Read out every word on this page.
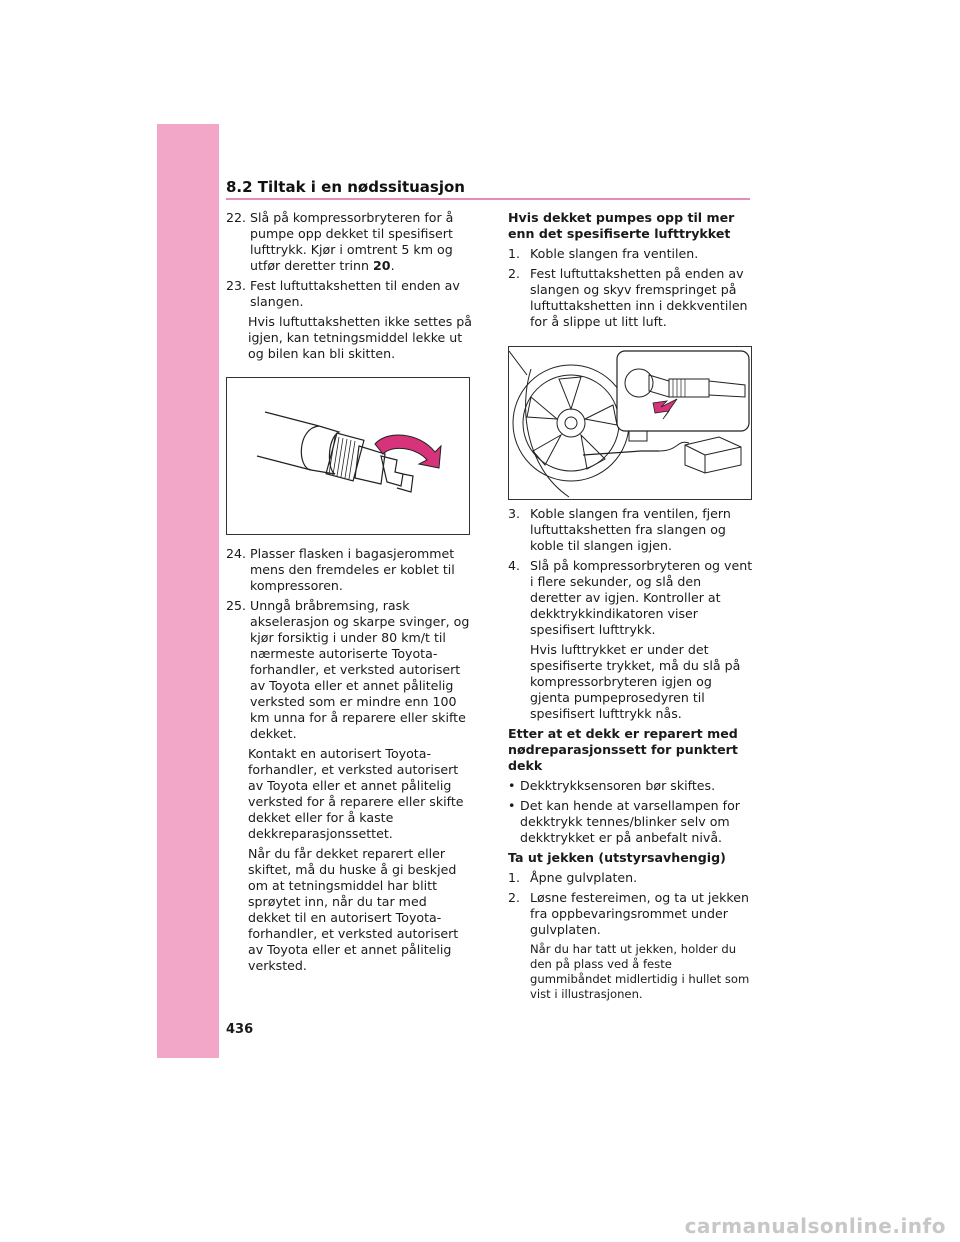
8.2 Tiltak i en nødssituasjon
22. Slå på kompressorbryteren for å pumpe opp dekket til spesifisert lufttrykk. Kjør i omtrent 5 km og utfør deretter trinn 20.
23. Fest luftuttakshetten til enden av slangen.
Hvis luftuttakshetten ikke settes på igjen, kan tetningsmiddel lekke ut og bilen kan bli skitten.
24. Plasser flasken i bagasjerommet mens den fremdeles er koblet til kompressoren.
25. Unngå bråbremsing, rask akselerasjon og skarpe svinger, og kjør forsiktig i under 80 km/t til nærmeste autoriserte Toyota-forhandler, et verksted autorisert av Toyota eller et annet pålitelig verksted som er mindre enn 100 km unna for å reparere eller skifte dekket.
Kontakt en autorisert Toyota-forhandler, et verksted autorisert av Toyota eller et annet pålitelig verksted for å reparere eller skifte dekket eller for å kaste dekkreparasjonssettet.
Når du får dekket reparert eller skiftet, må du huske å gi beskjed om at tetningsmiddel har blitt sprøytet inn, når du tar med dekket til en autorisert Toyota-forhandler, et verksted autorisert av Toyota eller et annet pålitelig verksted.
Hvis dekket pumpes opp til mer enn det spesifiserte lufttrykket
1. Koble slangen fra ventilen.
2. Fest luftuttakshetten på enden av slangen og skyv fremspringet på luftuttakshetten inn i dekkventilen for å slippe ut litt luft.
3. Koble slangen fra ventilen, fjern luftuttakshetten fra slangen og koble til slangen igjen.
4. Slå på kompressorbryteren og vent i flere sekunder, og slå den deretter av igjen. Kontroller at dekktrykkindikatoren viser spesifisert lufttrykk.
Hvis lufttrykket er under det spesifiserte trykket, må du slå på kompressorbryteren igjen og gjenta pumpeprosedyren til spesifisert lufttrykk nås.
Etter at et dekk er reparert med nødreparasjonssett for punktert dekk
• Dekktrykksensoren bør skiftes.
• Det kan hende at varsellampen for dekktrykk tennes/blinker selv om dekktrykket er på anbefalt nivå.
Ta ut jekken (utstyrsavhengig)
1. Åpne gulvplaten.
2. Løsne festereimen, og ta ut jekken fra oppbevaringsrommet under gulvplaten.
Når du har tatt ut jekken, holder du den på plass ved å feste gummibåndet midlertidig i hullet som vist i illustrasjonen.
436
carmanualsonline.info
